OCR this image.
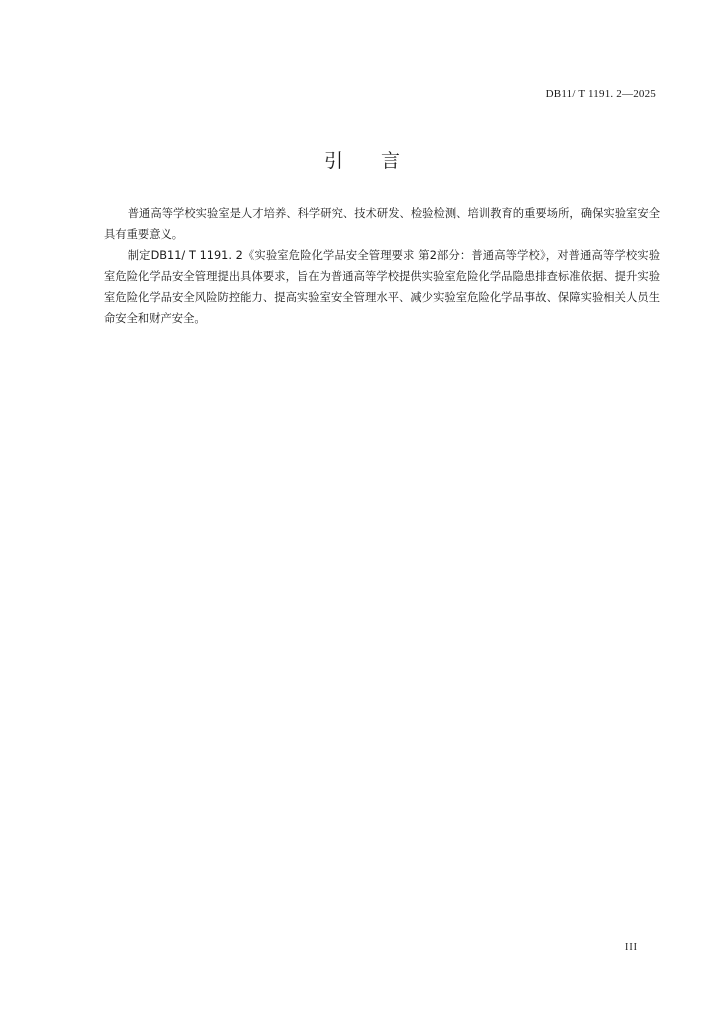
DB11/ T 1191. 2—2025
引 言

普通高等学校实验室是人才培养、科学研究、技术研发、检验检测、培训教育的重要场所，确保实验室安全具有重要意义。

制定DB11/ T 1191. 2《实验室危险化学品安全管理要求 第2部分：普通高等学校》，对普通高等学校实验室危险化学品安全管理提出具体要求，旨在为普通高等学校提供实验室危险化学品隐患排查标准依据、提升实验室危险化学品安全风险防控能力、提高实验室安全管理水平、减少实验室危险化学品事故、保障实验相关人员生命安全和财产安全。

III
